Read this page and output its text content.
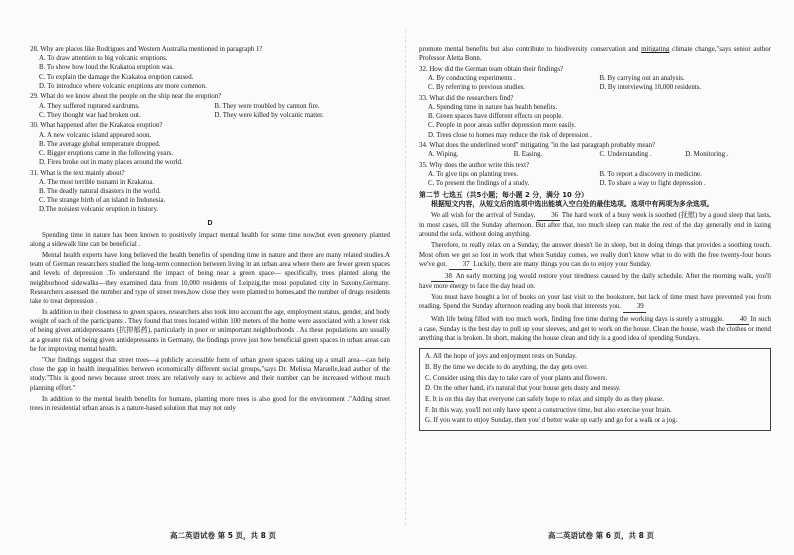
28. Why are places like Rodrigues and Western Australia mentioned in paragraph 1?

A. To draw attention to big volcanic eruptions.

B. To show how loud the Krakatoa eruption was.

C. To explain the damage the Krakatoa eruption caused.

D. To introduce where volcanic eruptions are more common.

29. What do we know about the people on the ship near the eruption?

A. They suffered ruptured eardrums.	B. They were troubled by cannon fire.
C. They thought war had broken out.	D. They were killed by volcanic matter.

30. What happened after the Krakatoa eruption?

A. A new volcanic island appeared soon.

B. The average global temperature dropped.

C. Bigger eruptions came in the following years.

D. Fires broke out in many places around the world.

31. What is the text mainly about?

A. The most terrible tsunami in Krakatoa.

B. The deadly natural disasters in the world.

C. The strange birth of an island in Indonesia.

D.The noisiest volcanic eruption in history.

D

Spending time in nature has been known to positively impact mental health for some time now,but even greenery planted along a sidewalk line can be beneficial .

Mental health experts have long believed the health benefits of spending time in nature and there are many related studies.A team of German researchers studied the long-term connection between living in an urban area where there are fewer green spaces and levels of depression .To understand the impact of being near a green space— specifically, trees planted along the neighborhood sidewalks—they examined data from 10,000 residents of Leipzig,the most populated city in Saxony,Germany. Researchers assessed the number and type of street trees,how close they were planted to homes,and the number of drugs residents take to treat depression .

In addition to their closeness to green spaces, researchers also took into account the age, employment status, gender, and body weight of each of the participants . They found that trees located within 100 meters of the home were associated with a lower risk of being given antidepressants (抗抑郁药), particularly in poor or unimportant neighborhoods . As these populations are usually at a greater risk of being given antidepressants in Germany, the findings prove just how beneficial green spaces in urban areas can be for improving mental health.

"Our findings suggest that street trees—a publicly accessible form of urban green spaces taking up a small area—can help close the gap in health inequalities between economically different social groups,"says Dr. Melissa Marselle,lead author of the study."This is good news because street trees are relatively easy to achieve and their number can be increased without much planning effort."

In addition to the mental health benefits for humans, planting more trees is also good for the environment ."Adding street trees in residential urban areas is a nature-based solution that may not only

promote mental benefits but also contribute to biodiversity conservation and mitigating climate change,"says senior author Professor Aletta Bonn.

32. How did the German team obtain their findings?

A. By conducting experiments .	B. By carrying out an analysis.
C. By referring to previous studies.	D. By interviewing 10,000 residents.

33. What did the researchers find?

A. Spending time in nature has health benefits.

B. Green spaces have different effects on people.

C. People in poor areas suffer depression more easily.

D. Trees close to homes may reduce the risk of depression .

34. What does the underlined word" mitigating "in the last paragraph probably mean?

A. Wiping.	B. Easing.	C. Understanding .	D. Monitoring .

35. Why does the author write this text?

A. To give tips on planting trees.	B. To report a discovery in medicine.
C. To present the findings of a study.	D. To share a way to fight depression .

第二节 七选五（共5小题；每小题 2 分，满分 10 分）

根据短文内容，从短文后的选项中选出能填入空白处的最佳选项。选项中有两项为多余选项。

We all wish for the arrival of Sunday. 36 The hard work of a busy week is soothed (抚慰) by a good sleep that lasts, in most cases, till the Sunday afternoon. But after that, too much sleep can make the rest of the day generally end in lazing around the sofa, without doing anything.

Therefore, to really relax on a Sunday, the answer doesn't lie in sleep, but in doing things that provides a soothing touch. Most often we get so lost in work that when Sunday comes, we really don't know what to do with the free twenty-four hours we've got. 37 Luckily, there are many things you can do to enjoy your Sunday.

38 An early morning jog would restore your tiredness caused by the daily schedule. After the morning walk, you'll have more energy to face the day head on.

You must have bought a lot of books on your last visit to the bookstore, but lack of time must have prevented you from reading. Spend the Sunday afternoon reading any book that interests you. 39

With life being filled with too much work, finding free time during the working days is surely a struggle. 40 In such a case, Sunday is the best day to pull up your sleeves, and get to work on the house. Clean the house, wash the clothes or mend anything that is broken. In short, making the house clean and tidy is a good idea of spending Sundays.

A. All the hope of joys and enjoyment rests on Sunday.

B. By the time we decide to do anything, the day gets over.

C. Consider using this day to take care of your plants and flowers.

D. On the other hand, it's natural that your house gets dusty and messy.

E. It is on this day that everyone can safely hope to relax and simply do as they please.

F. In this way, you'll not only have spent a constructive time, but also exercise your brain.

G. If you want to enjoy Sunday, then you' d better wake up early and go for a walk or a jog.

高二英语试卷 第 5 页，共 8 页	高二英语试卷 第 6 页，共 8 页
